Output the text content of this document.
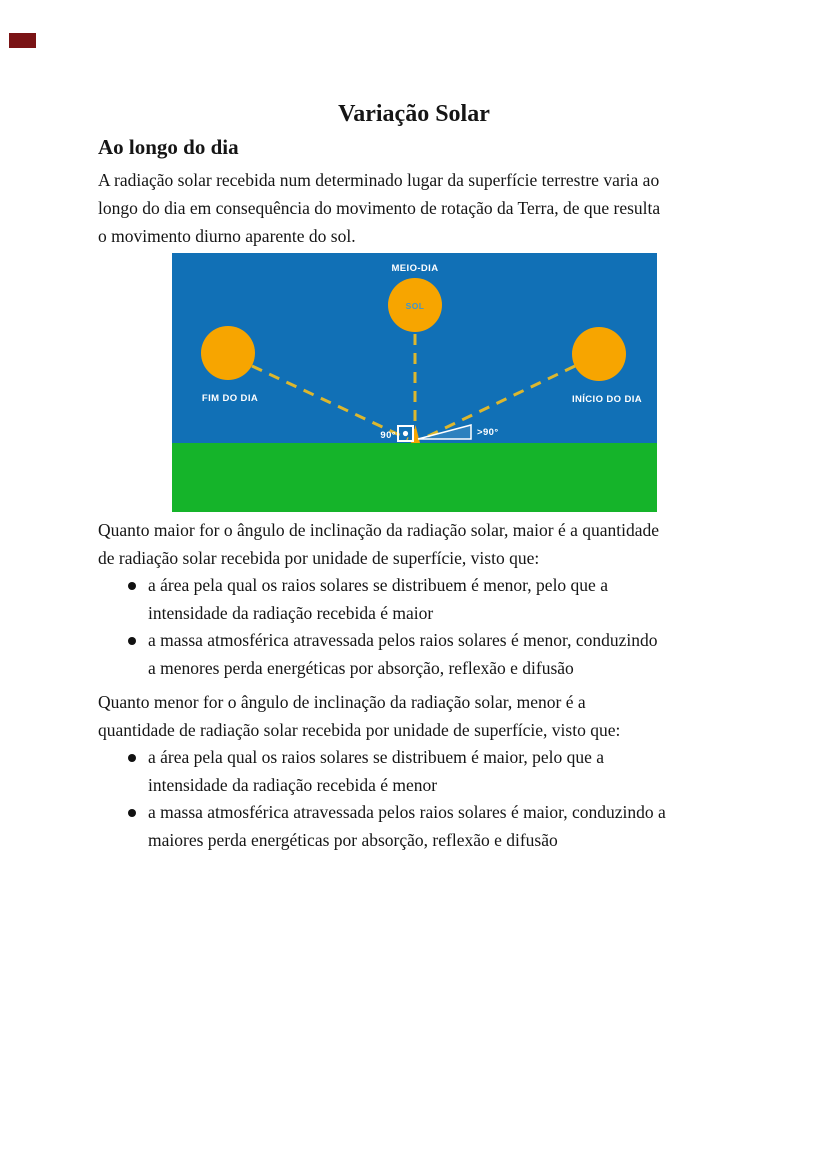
Variação Solar
Ao longo do dia
A radiação solar recebida num determinado lugar da superfície terrestre varia ao
longo do dia em consequência do movimento de rotação da Terra, de que resulta
o movimento diurno aparente do sol.
MEIO-DIA
SOL
FIM DO DIA	INÍCIO DO DIA
90°	>90°
Quanto maior for o ângulo de inclinação da radiação solar, maior é a quantidade
de radiação solar recebida por unidade de superfície, visto que:
a área pela qual os raios solares se distribuem é menor, pelo que a
intensidade da radiação recebida é maior
a massa atmosférica atravessada pelos raios solares é menor, conduzindo
a menores perda energéticas por absorção, reflexão e difusão
Quanto menor for o ângulo de inclinação da radiação solar, menor é a
quantidade de radiação solar recebida por unidade de superfície, visto que:
a área pela qual os raios solares se distribuem é maior, pelo que a
intensidade da radiação recebida é menor
a massa atmosférica atravessada pelos raios solares é maior, conduzindo a
maiores perda energéticas por absorção, reflexão e difusão
